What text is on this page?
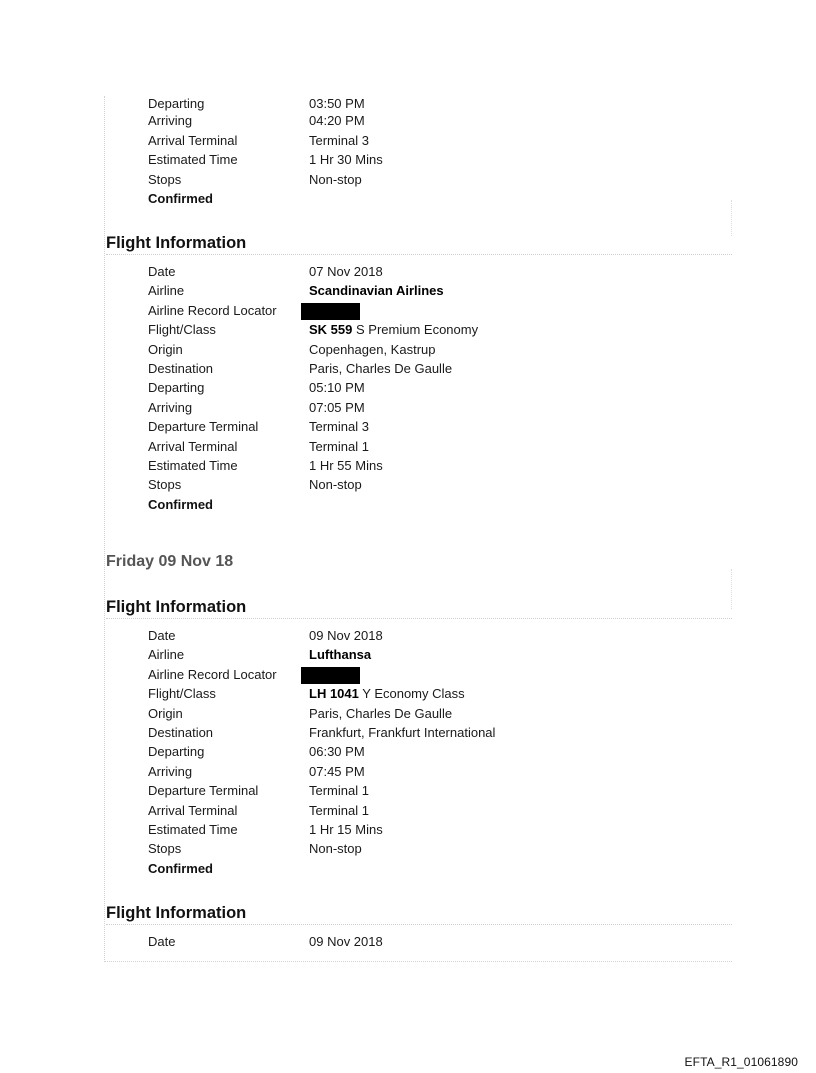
Departing	03:50 PM
Arriving	04:20 PM
Arrival Terminal	Terminal 3
Estimated Time	1 Hr 30 Mins
Stops	Non-stop
Confirmed
Flight Information
Date	07 Nov 2018
Airline	Scandinavian Airlines
Airline Record Locator
Flight/Class	SK 559 S Premium Economy
Origin	Copenhagen, Kastrup
Destination	Paris, Charles De Gaulle
Departing	05:10 PM
Arriving	07:05 PM
Departure Terminal	Terminal 3
Arrival Terminal	Terminal 1
Estimated Time	1 Hr 55 Mins
Stops	Non-stop
Confirmed
Friday 09 Nov 18
Flight Information
Date	09 Nov 2018
Airline	Lufthansa
Airline Record Locator
Flight/Class	LH 1041 Y Economy Class
Origin	Paris, Charles De Gaulle
Destination	Frankfurt, Frankfurt International
Departing	06:30 PM
Arriving	07:45 PM
Departure Terminal	Terminal 1
Arrival Terminal	Terminal 1
Estimated Time	1 Hr 15 Mins
Stops	Non-stop
Confirmed
Flight Information
Date	09 Nov 2018
EFTA_R1_01061890
